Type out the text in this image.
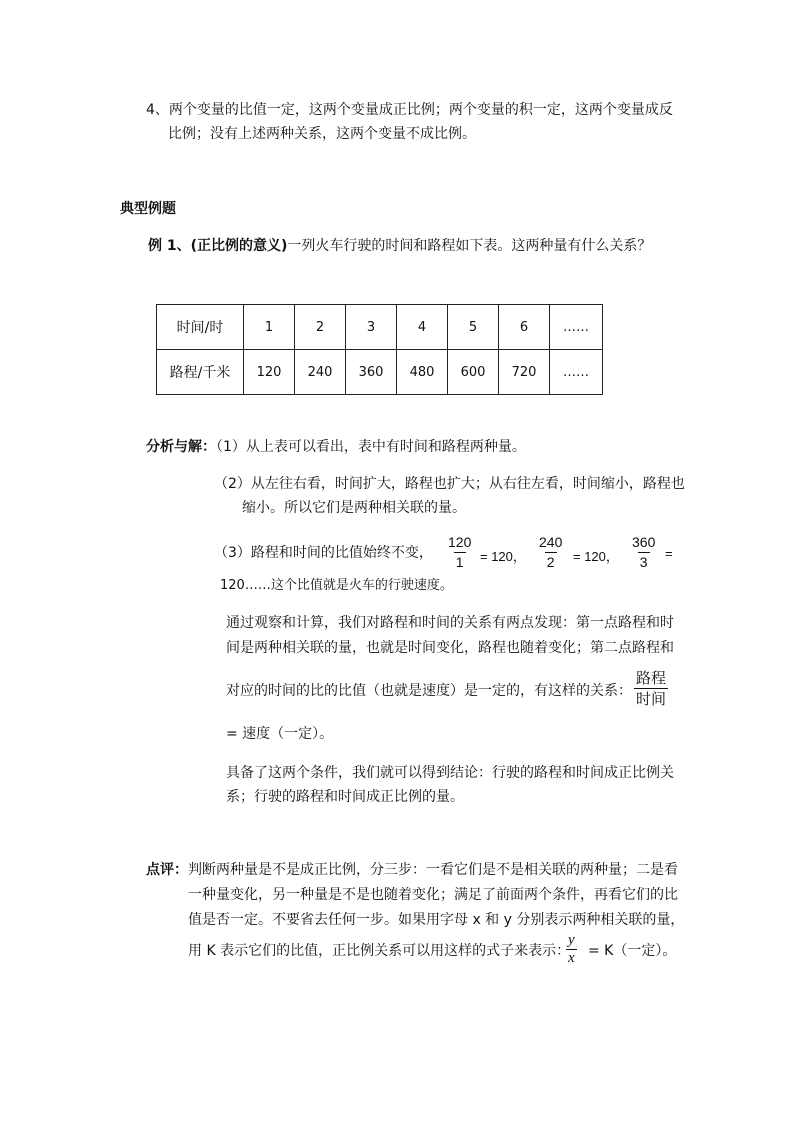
4、两个变量的比值一定，这两个变量成正比例；两个变量的积一定，这两个变量成反
比例；没有上述两种关系，这两个变量不成比例。
典型例题
例 1、(正比例的意义)一列火车行驶的时间和路程如下表。这两种量有什么关系？
时间/时	1	2	3	4	5	6	……
路程/千米	120	240	360	480	600	720	……
分析与解：（1）从上表可以看出，表中有时间和路程两种量。
（2）从左往右看，时间扩大，路程也扩大；从右往左看，时间缩小，路程也
缩小。所以它们是两种相关联的量。
（3）路程和时间的比值始终不变， $\frac{120}{1} = 120$， $\frac{240}{2} = 120$， $\frac{360}{3}$ =
120……这个比值就是火车的行驶速度。
通过观察和计算，我们对路程和时间的关系有两点发现：第一点路程和时
间是两种相关联的量，也就是时间变化，路程也随着变化；第二点路程和
对应的时间的比的比值（也就是速度）是一定的，有这样的关系：
路程
时间
= 速度（一定）。
具备了这两个条件，我们就可以得到结论：行驶的路程和时间成正比例关
系；行驶的路程和时间成正比例的量。
点评：判断两种量是不是成正比例，分三步：一看它们是不是相关联的两种量；二是看
一种量变化，另一种量是不是也随着变化；满足了前面两个条件，再看它们的比
值是否一定。不要省去任何一步。如果用字母 x 和 y 分别表示两种相关联的量，
用 K 表示它们的比值，正比例关系可以用这样的式子来表示：
$\frac{y}{x} = K$（一定）。
